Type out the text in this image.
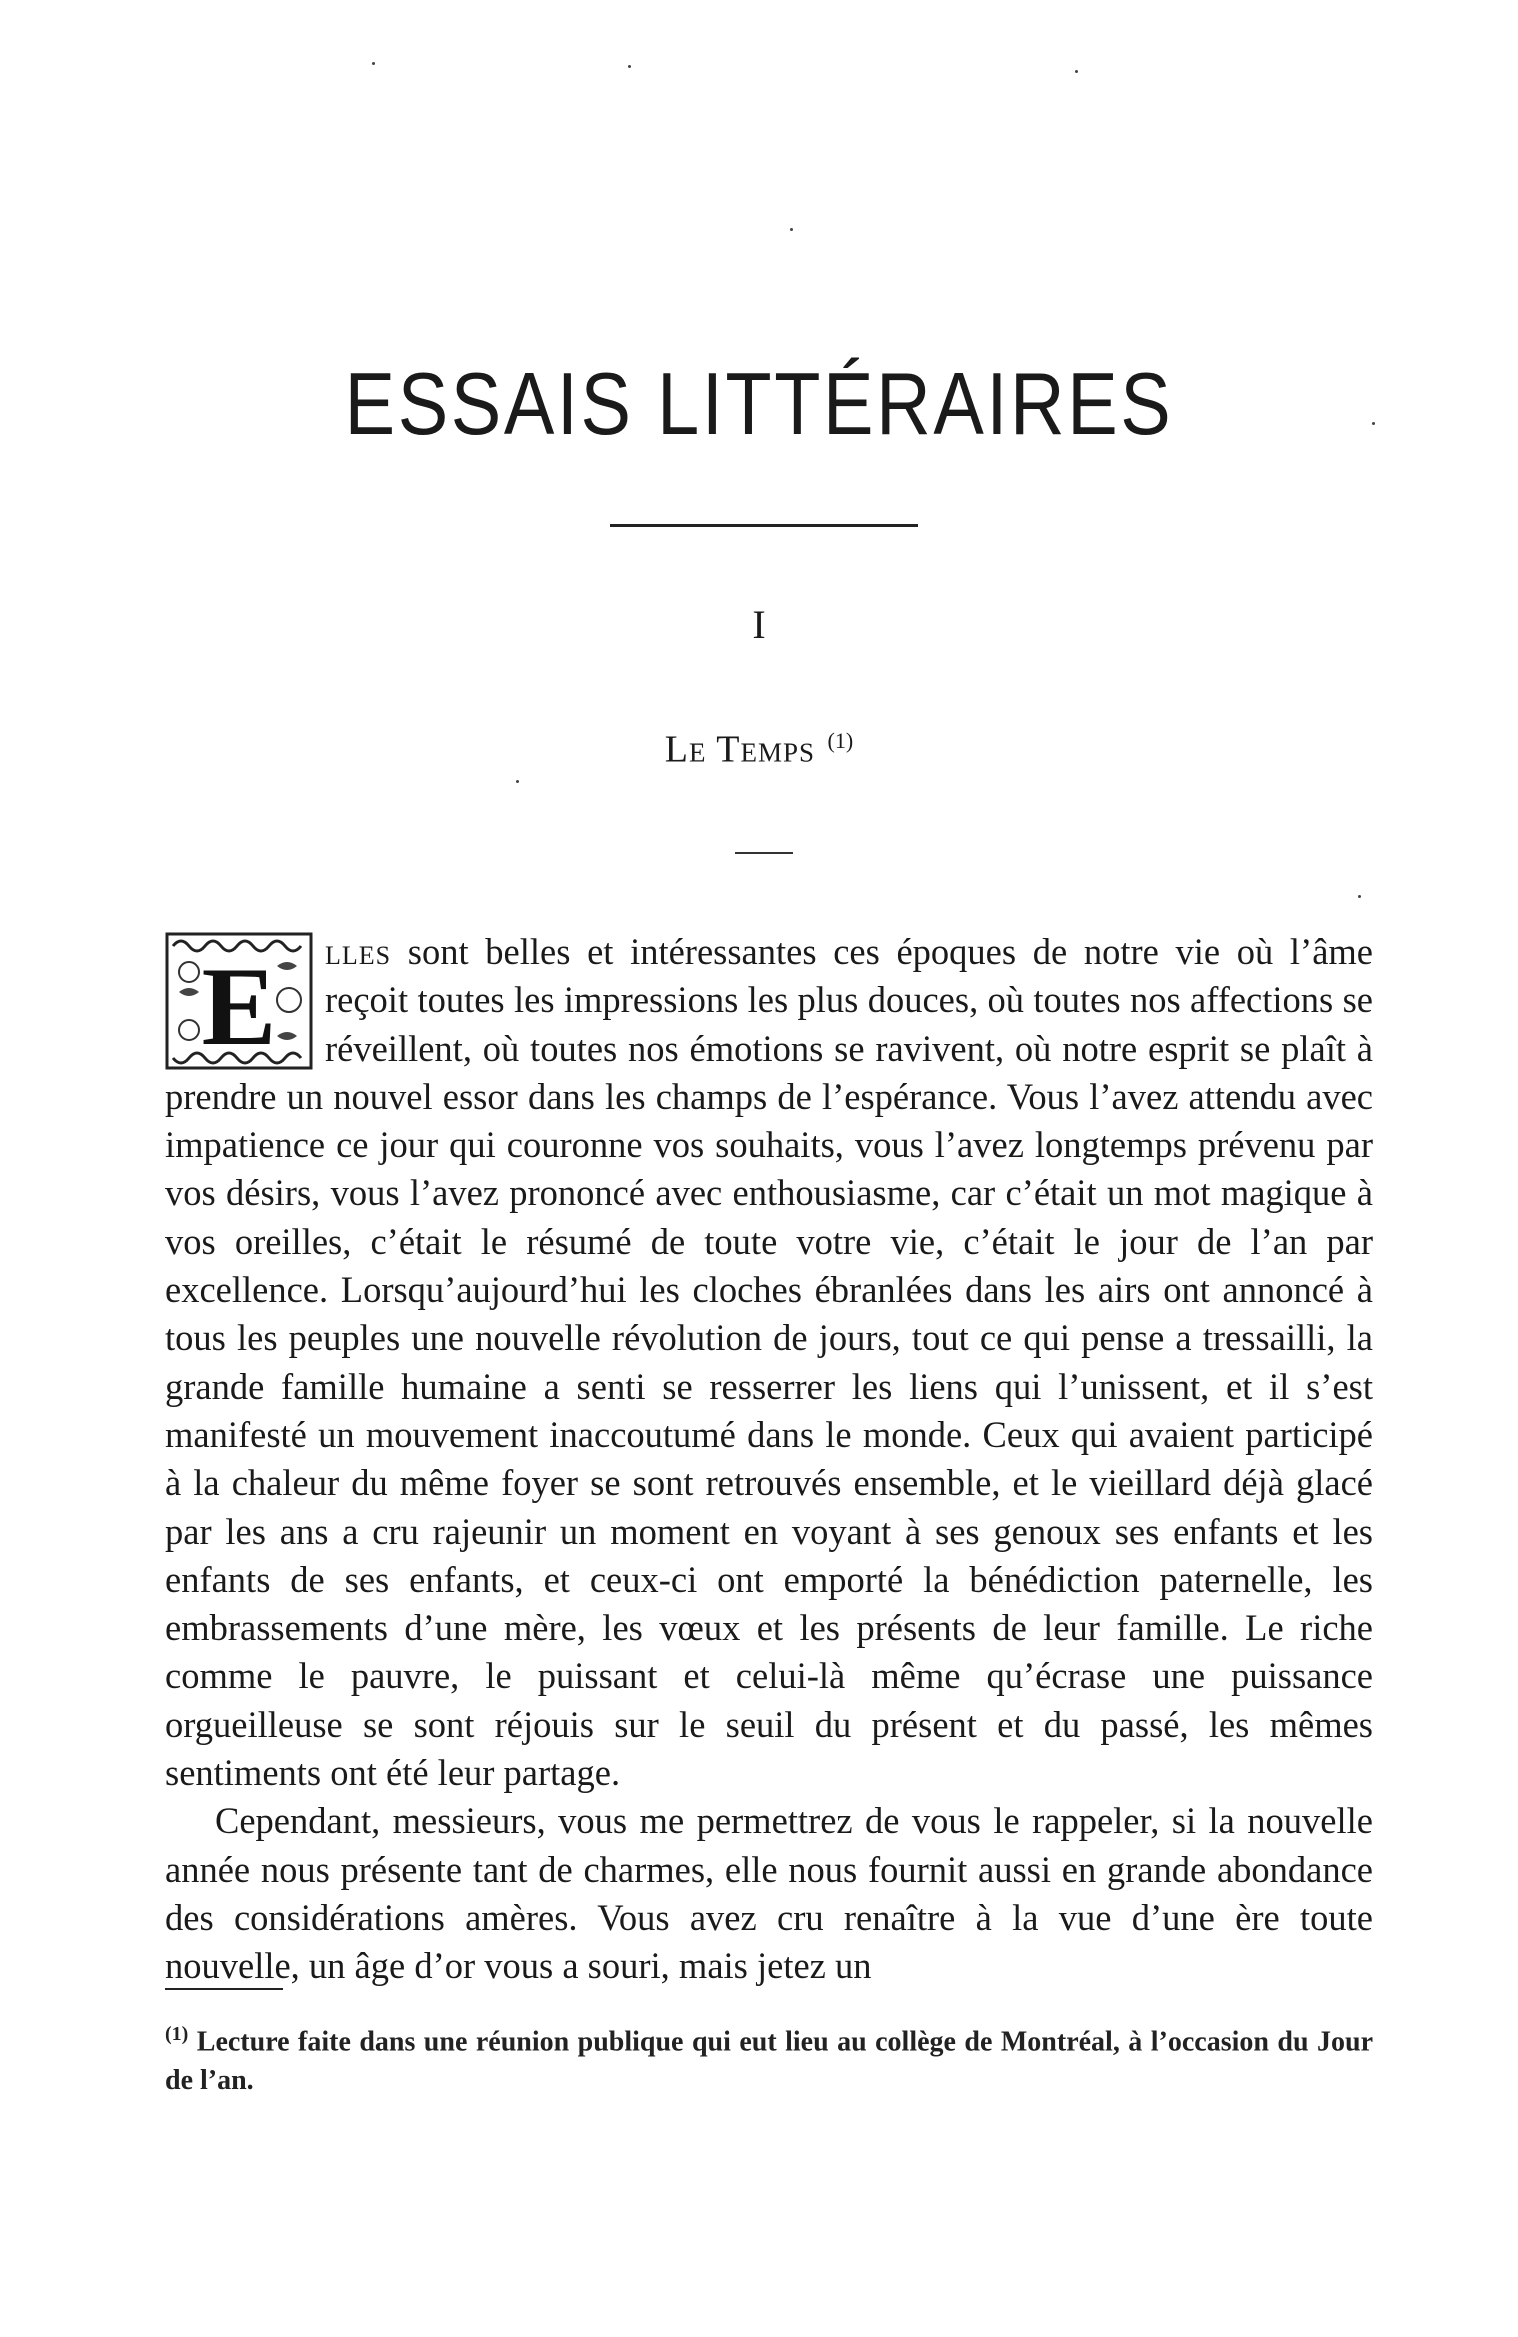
ESSAIS LITTÉRAIRES
I
Le Temps $^{(1)}$

E lles sont belles et intéressantes ces époques de notre vie où l’âme reçoit toutes les impressions les plus douces, où toutes nos affections se réveillent, où toutes nos émotions se ravivent, où notre esprit se plaît à prendre un nouvel essor dans les champs de l’espérance. Vous l’avez attendu avec impatience ce jour qui couronne vos souhaits, vous l’avez longtemps prévenu par vos désirs, vous l’avez prononcé avec enthousiasme, car c’était un mot magique à vos oreilles, c’était le résumé de toute votre vie, c’était le jour de l’an par excellence. Lorsqu’aujourd’hui les cloches ébranlées dans les airs ont annoncé à tous les peuples une nouvelle révolution de jours, tout ce qui pense a tressailli, la grande famille humaine a senti se resserrer les liens qui l’unissent, et il s’est manifesté un mouvement inaccoutumé dans le monde. Ceux qui avaient participé à la chaleur du même foyer se sont retrouvés ensemble, et le vieillard déjà glacé par les ans a cru rajeunir un moment en voyant à ses genoux ses enfants et les enfants de ses enfants, et ceux-ci ont emporté la bénédiction paternelle, les embrassements d’une mère, les vœux et les présents de leur famille. Le riche comme le pauvre, le puissant et celui-là même qu’écrase une puissance orgueilleuse se sont réjouis sur le seuil du présent et du passé, les mêmes sentiments ont été leur partage.

Cependant, messieurs, vous me permettrez de vous le rappeler, si la nouvelle année nous présente tant de charmes, elle nous fournit aussi en grande abondance des considérations amères. Vous avez cru renaître à la vue d’une ère toute nouvelle, un âge d’or vous a souri, mais jetez un

$^{(1)}$ Lecture faite dans une réunion publique qui eut lieu au collège de Montréal, à l’occasion du Jour de l’an.
